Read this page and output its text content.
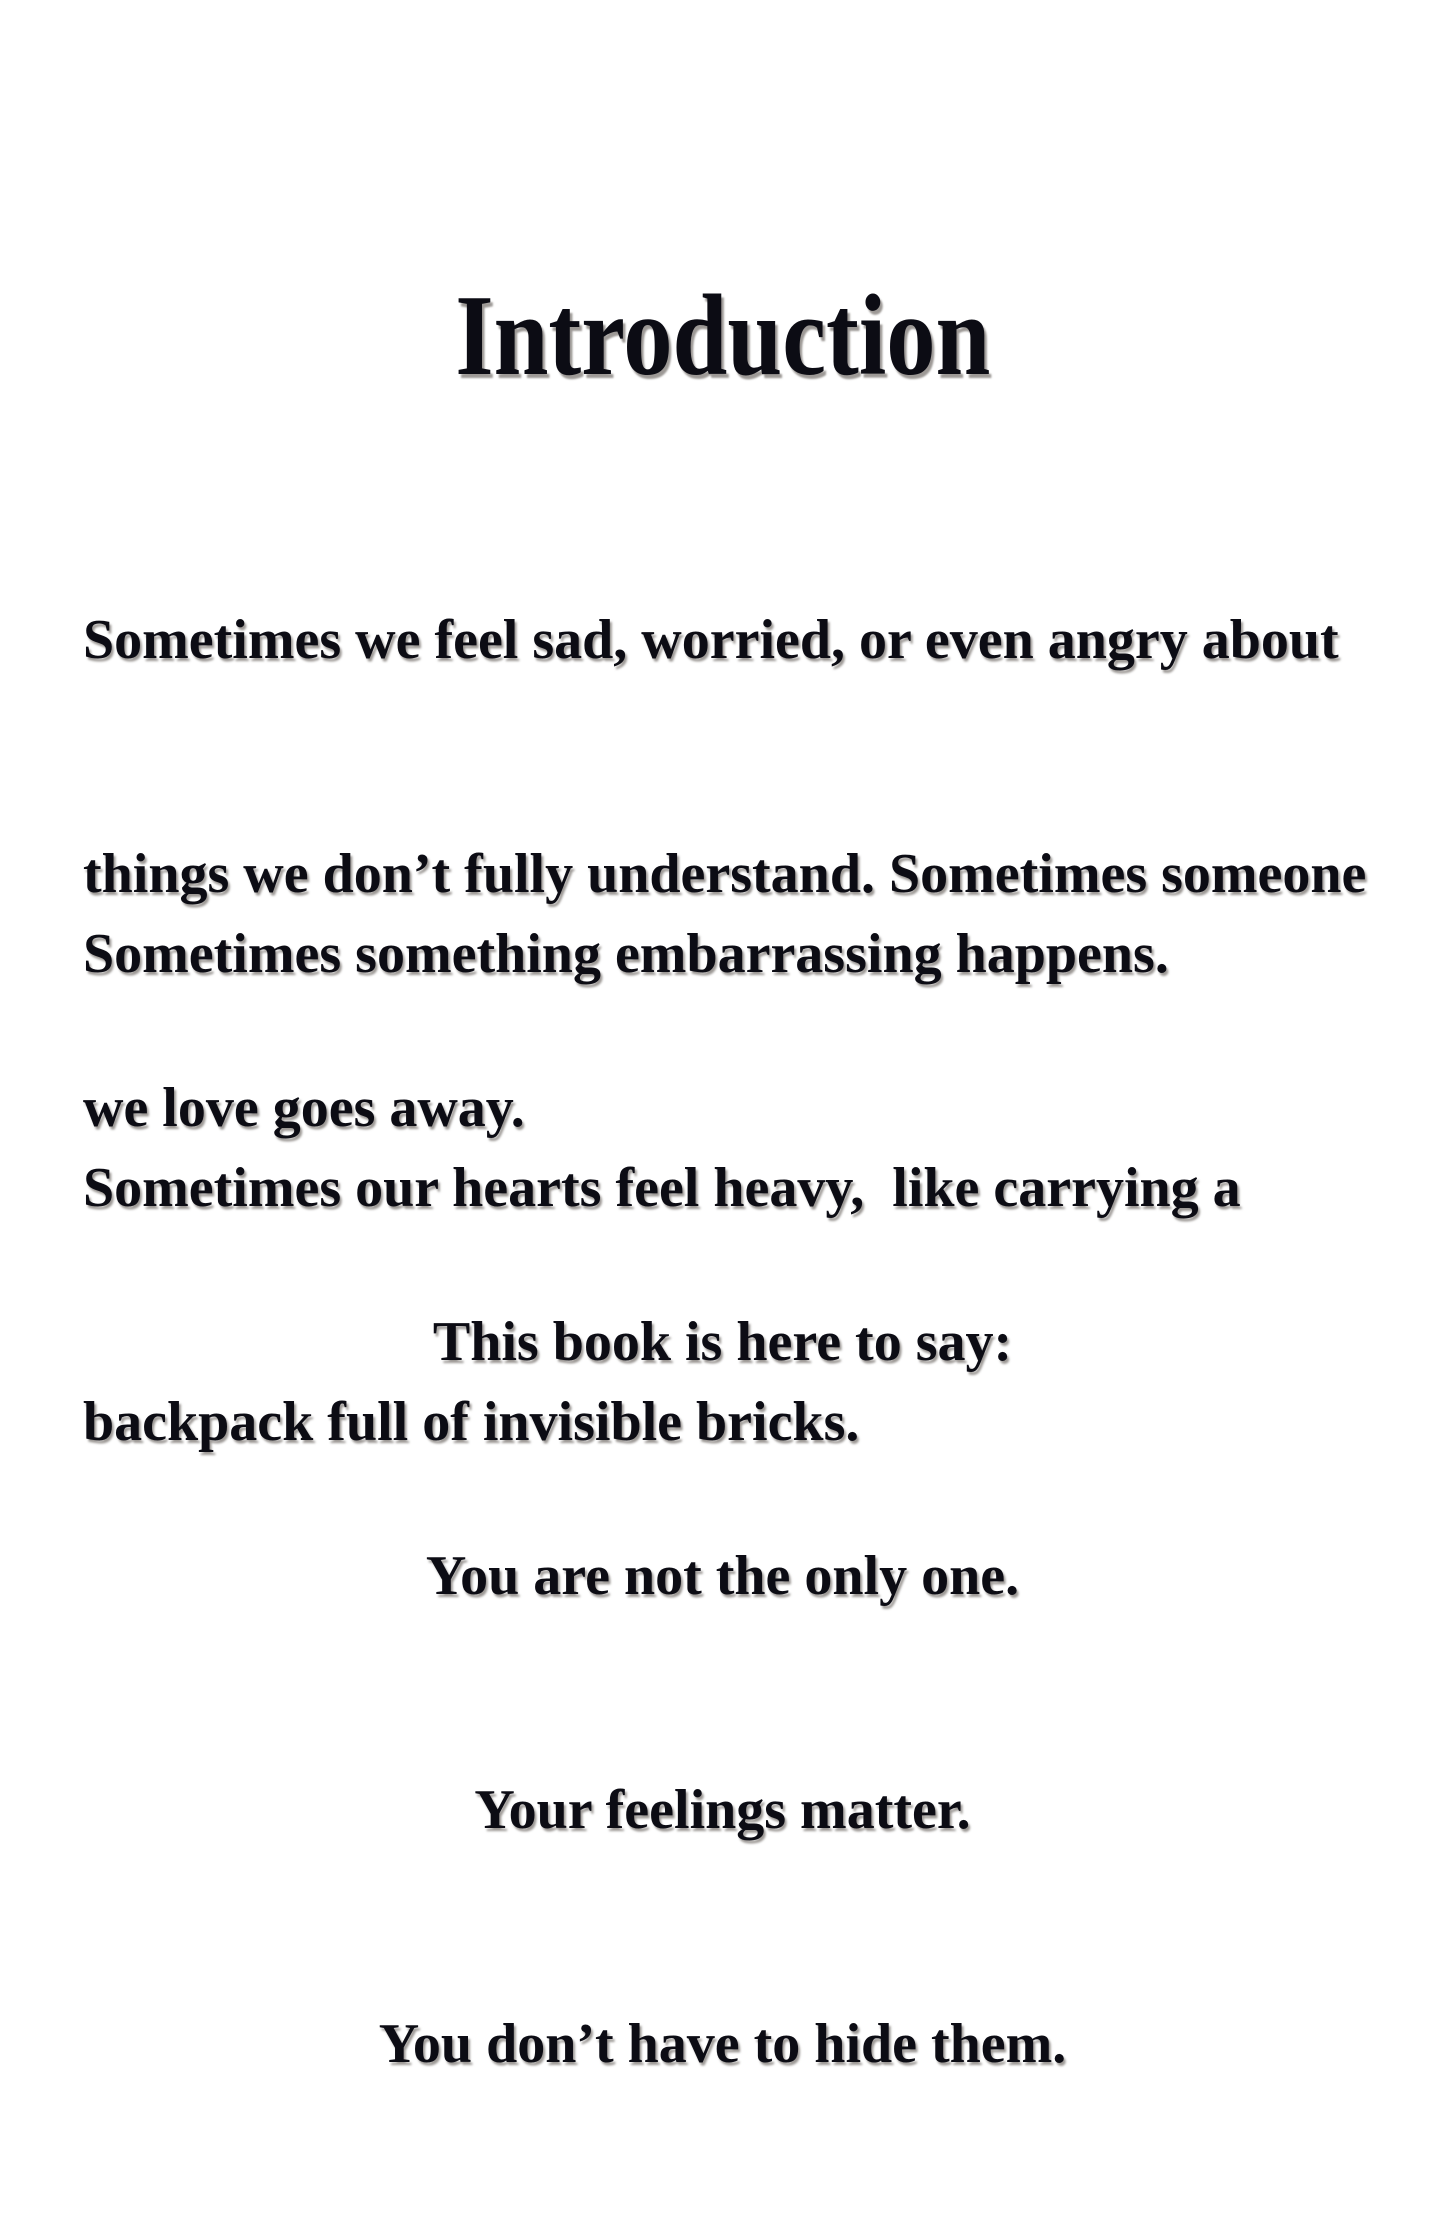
Introduction

Sometimes we feel sad, worried, or even angry about

things we don’t fully understand. Sometimes someone

we love goes away.

Sometimes something embarrassing happens.

Sometimes our hearts feel heavy,  like carrying a

backpack full of invisible bricks.

This book is here to say:

You are not the only one.

Your feelings matter.

You don’t have to hide them.
